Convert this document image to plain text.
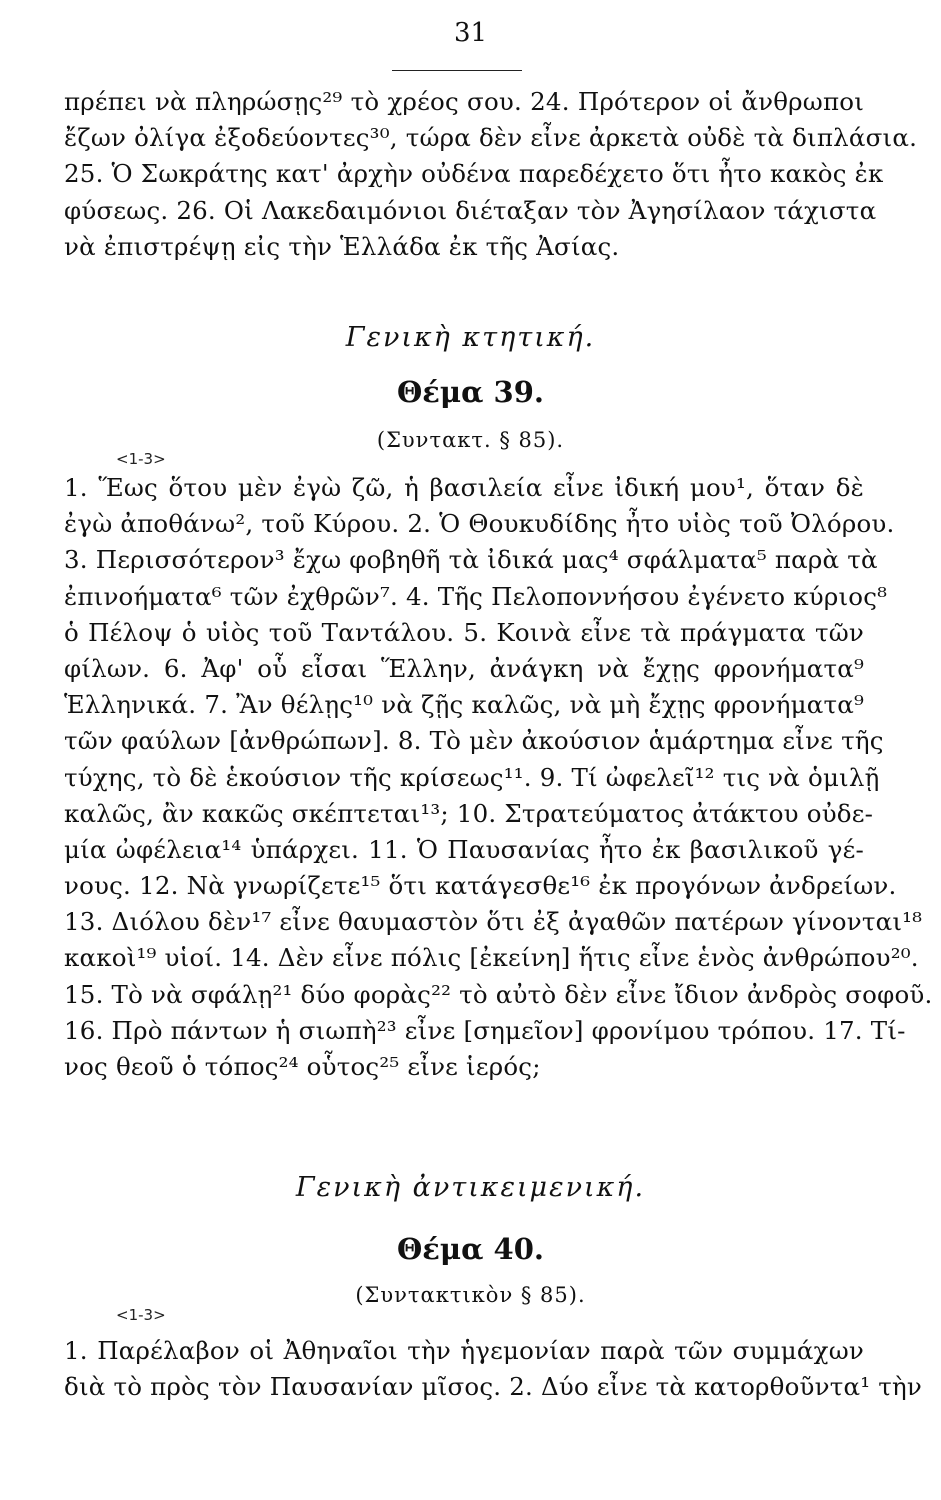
31
πρέπει νὰ πληρώσῃς²⁹ τὸ χρέος σου. 24. Πρότερον οἱ ἄνθρωποι
ἔζων ὀλίγα ἐξοδεύοντες³⁰, τώρα δὲν εἶνε ἀρκετὰ οὐδὲ τὰ διπλάσια.
25. Ὁ Σωκράτης κατ' ἀρχὴν οὐδένα παρεδέχετο ὅτι ἦτο κακὸς ἐκ
φύσεως. 26. Οἱ Λακεδαιμόνιοι διέταξαν τὸν Ἀγησίλαον τάχιστα
νὰ ἐπιστρέψῃ εἰς τὴν Ἑλλάδα ἐκ τῆς Ἀσίας.
Γενικὴ κτητική.
Θέμα 39.
(Συντακτ. § 85).
<1-3>
1. Ἕως ὅτου μὲν ἐγὼ ζῶ, ἡ βασιλεία εἶνε ἰδική μου¹, ὅταν δὲ
ἐγὼ ἀποθάνω², τοῦ Κύρου. 2. Ὁ Θουκυδίδης ἦτο υἱὸς τοῦ Ὀλόρου.
3. Περισσότερον³ ἔχω φοβηθῆ τὰ ἰδικά μας⁴ σφάλματα⁵ παρὰ τὰ
ἐπινοήματα⁶ τῶν ἐχθρῶν⁷. 4. Τῆς Πελοποννήσου ἐγένετο κύριος⁸
ὁ Πέλοψ ὁ υἱὸς τοῦ Ταντάλου. 5. Κοινὰ εἶνε τὰ πράγματα τῶν
φίλων. 6. Ἀφ' οὗ εἶσαι Ἕλλην, ἀνάγκη νὰ ἔχῃς φρονήματα⁹
Ἑλληνικά. 7. Ἂν θέλῃς¹⁰ νὰ ζῇς καλῶς, νὰ μὴ ἔχῃς φρονήματα⁹
τῶν φαύλων [ἀνθρώπων]. 8. Τὸ μὲν ἀκούσιον ἁμάρτημα εἶνε τῆς
τύχης, τὸ δὲ ἑκούσιον τῆς κρίσεως¹¹. 9. Τί ὠφελεῖ¹² τις νὰ ὁμιλῇ
καλῶς, ἂν κακῶς σκέπτεται¹³; 10. Στρατεύματος ἀτάκτου οὐδε-
μία ὠφέλεια¹⁴ ὑπάρχει. 11. Ὁ Παυσανίας ἦτο ἐκ βασιλικοῦ γέ-
νους. 12. Νὰ γνωρίζετε¹⁵ ὅτι κατάγεσθε¹⁶ ἐκ προγόνων ἀνδρείων.
13. Διόλου δὲν¹⁷ εἶνε θαυμαστὸν ὅτι ἐξ ἀγαθῶν πατέρων γίνονται¹⁸
κακοὶ¹⁹ υἱοί. 14. Δὲν εἶνε πόλις [ἐκείνη] ἥτις εἶνε ἑνὸς ἀνθρώπου²⁰.
15. Τὸ νὰ σφάλῃ²¹ δύο φορὰς²² τὸ αὐτὸ δὲν εἶνε ἴδιον ἀνδρὸς σοφοῦ.
16. Πρὸ πάντων ἡ σιωπὴ²³ εἶνε [σημεῖον] φρονίμου τρόπου. 17. Τί-
νος θεοῦ ὁ τόπος²⁴ οὗτος²⁵ εἶνε ἱερός;
Γενικὴ ἀντικειμενική.
Θέμα 40.
(Συντακτικὸν § 85).
<1-3>
1. Παρέλαβον οἱ Ἀθηναῖοι τὴν ἡγεμονίαν παρὰ τῶν συμμάχων
διὰ τὸ πρὸς τὸν Παυσανίαν μῖσος. 2. Δύο εἶνε τὰ κατορθοῦντα¹ τὴν
